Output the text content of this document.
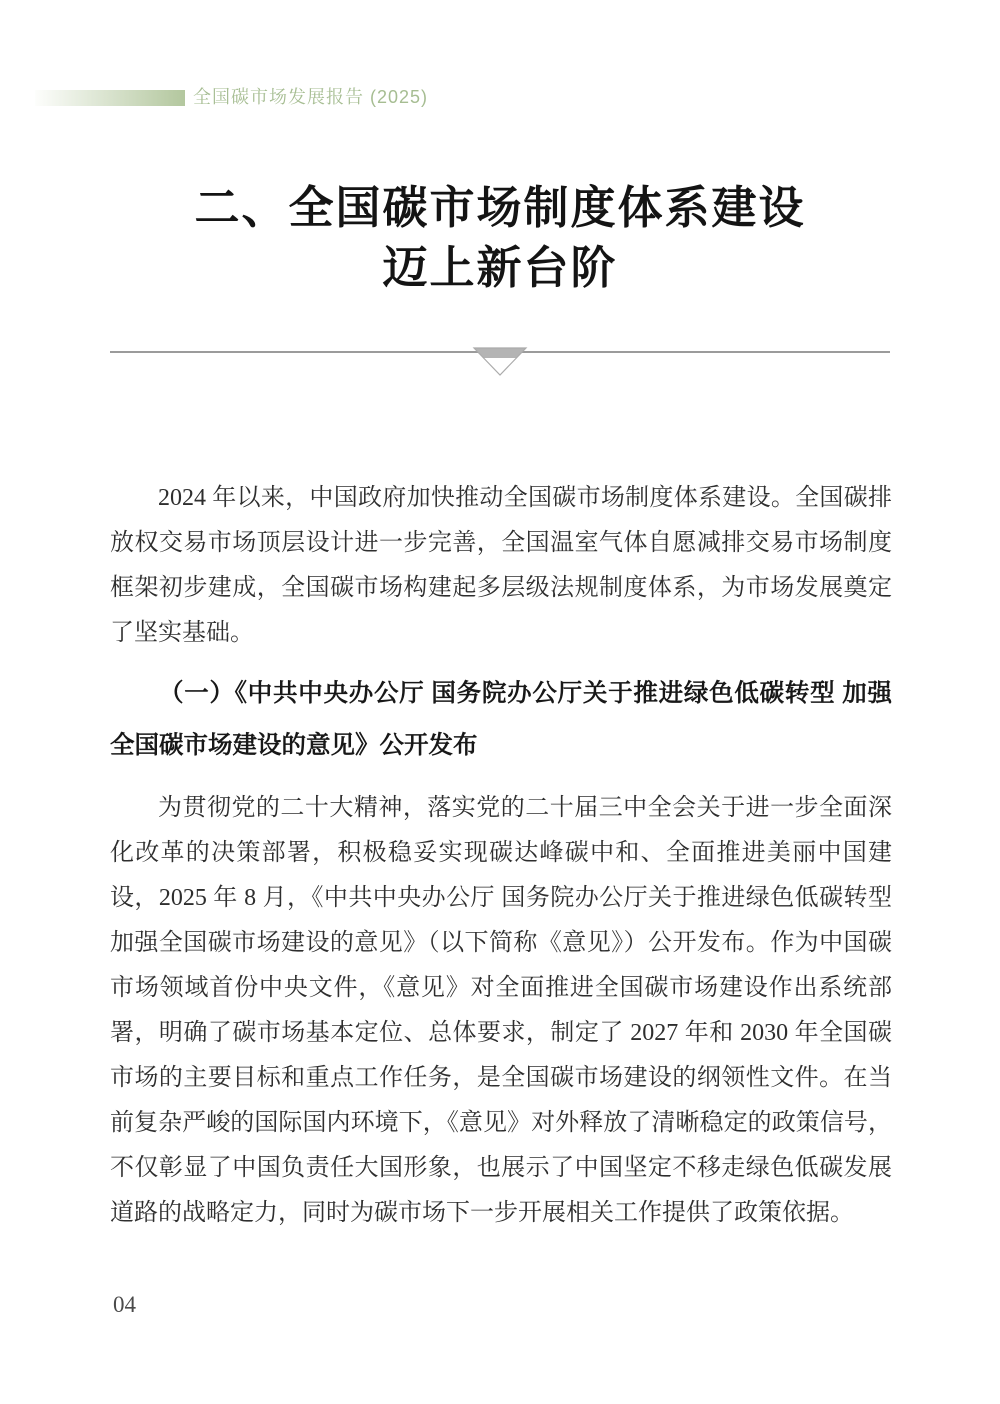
全国碳市场发展报告 (2025)
二、全国碳市场制度体系建设
迈上新台阶

2024 年以来，中国政府加快推动全国碳市场制度体系建设。全国碳排放权交易市场顶层设计进一步完善，全国温室气体自愿减排交易市场制度框架初步建成，全国碳市场构建起多层级法规制度体系，为市场发展奠定了坚实基础。

（一）《中共中央办公厅 国务院办公厅关于推进绿色低碳转型 加强全国碳市场建设的意见》公开发布

为贯彻党的二十大精神，落实党的二十届三中全会关于进一步全面深化改革的决策部署，积极稳妥实现碳达峰碳中和、全面推进美丽中国建设，2025 年 8 月，《中共中央办公厅 国务院办公厅关于推进绿色低碳转型 加强全国碳市场建设的意见》（以下简称《意见》）公开发布。作为中国碳市场领域首份中央文件，《意见》对全面推进全国碳市场建设作出系统部署，明确了碳市场基本定位、总体要求，制定了 2027 年和 2030 年全国碳市场的主要目标和重点工作任务，是全国碳市场建设的纲领性文件。在当前复杂严峻的国际国内环境下，《意见》对外释放了清晰稳定的政策信号，不仅彰显了中国负责任大国形象，也展示了中国坚定不移走绿色低碳发展道路的战略定力，同时为碳市场下一步开展相关工作提供了政策依据。

04
